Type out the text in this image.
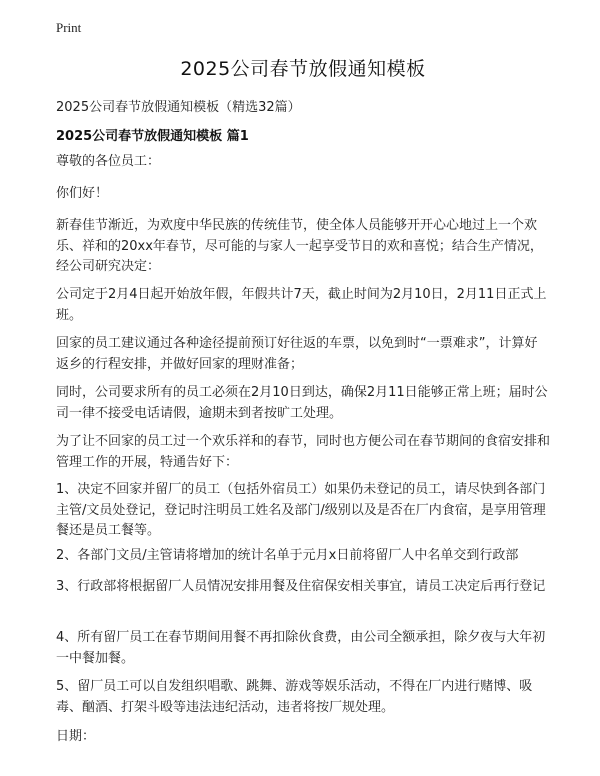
Print
2025公司春节放假通知模板
2025公司春节放假通知模板（精选32篇）
2025公司春节放假通知模板 篇1

尊敬的各位员工：

你们好！

新春佳节渐近，为欢度中华民族的传统佳节，使全体人员能够开开心心地过上一个欢乐、祥和的20xx年春节，尽可能的与家人一起享受节日的欢和喜悦；结合生产情况，经公司研究决定：

公司定于2月4日起开始放年假，年假共计7天，截止时间为2月10日，2月11日正式上班。

回家的员工建议通过各种途径提前预订好往返的车票，以免到时“一票难求”，计算好返乡的行程安排，并做好回家的理财准备；

同时，公司要求所有的员工必须在2月10日到达，确保2月11日能够正常上班；届时公司一律不接受电话请假，逾期未到者按旷工处理。

为了让不回家的员工过一个欢乐祥和的春节，同时也方便公司在春节期间的食宿安排和管理工作的开展，特通告好下：

1、决定不回家并留厂的员工（包括外宿员工）如果仍未登记的员工，请尽快到各部门主管/文员处登记，登记时注明员工姓名及部门/级别以及是否在厂内食宿，是享用管理餐还是员工餐等。

2、各部门文员/主管请将增加的统计名单于元月x日前将留厂人中名单交到行政部

3、行政部将根据留厂人员情况安排用餐及住宿保安相关事宜，请员工决定后再行登记

4、所有留厂员工在春节期间用餐不再扣除伙食费，由公司全额承担，除夕夜与大年初一中餐加餐。

5、留厂员工可以自发组织唱歌、跳舞、游戏等娱乐活动，不得在厂内进行赌博、吸毒、酗酒、打架斗殴等违法违纪活动，违者将按厂规处理。

日期：
